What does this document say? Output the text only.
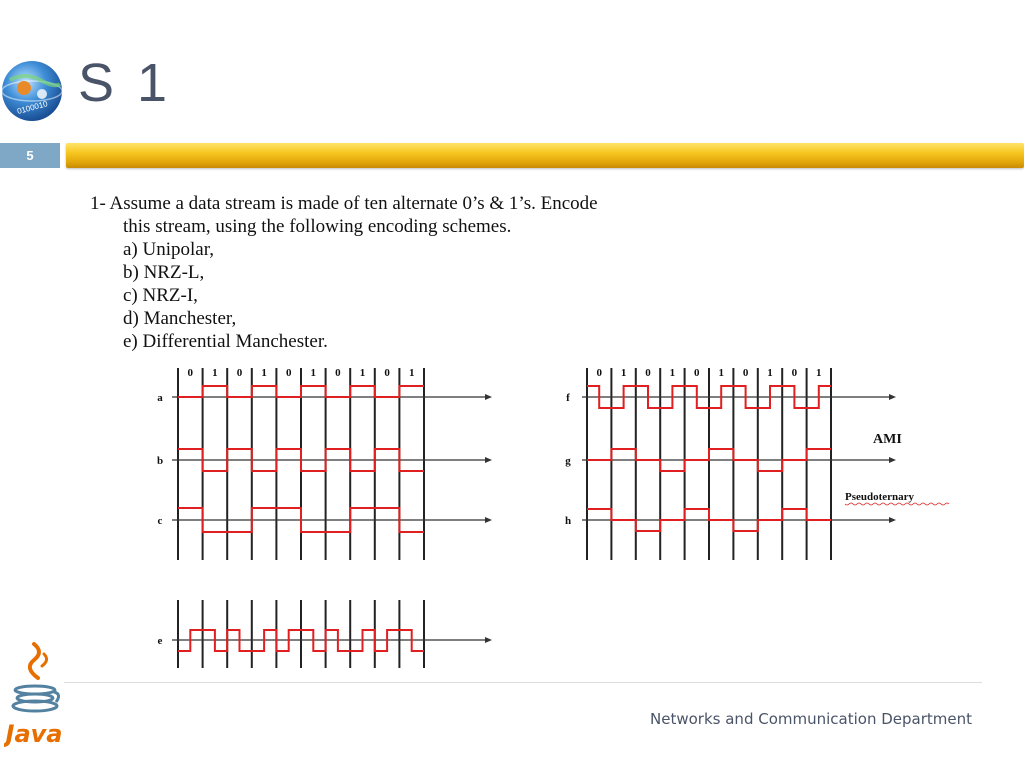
0100010 S 1
5
1- Assume a data stream is made of ten alternate 0’s & 1’s. Encode
this stream, using the following encoding schemes.
a) Unipolar,
b) NRZ-L,
c) NRZ-I,
d) Manchester,
e) Differential Manchester.
0 1 0 1 0 1 0 1 0 1
a
b
c
e
0 1 0 1 0 1 0 1 0 1
f
g
h
AMI
Pseudoternary
Java
Networks and Communication Department
